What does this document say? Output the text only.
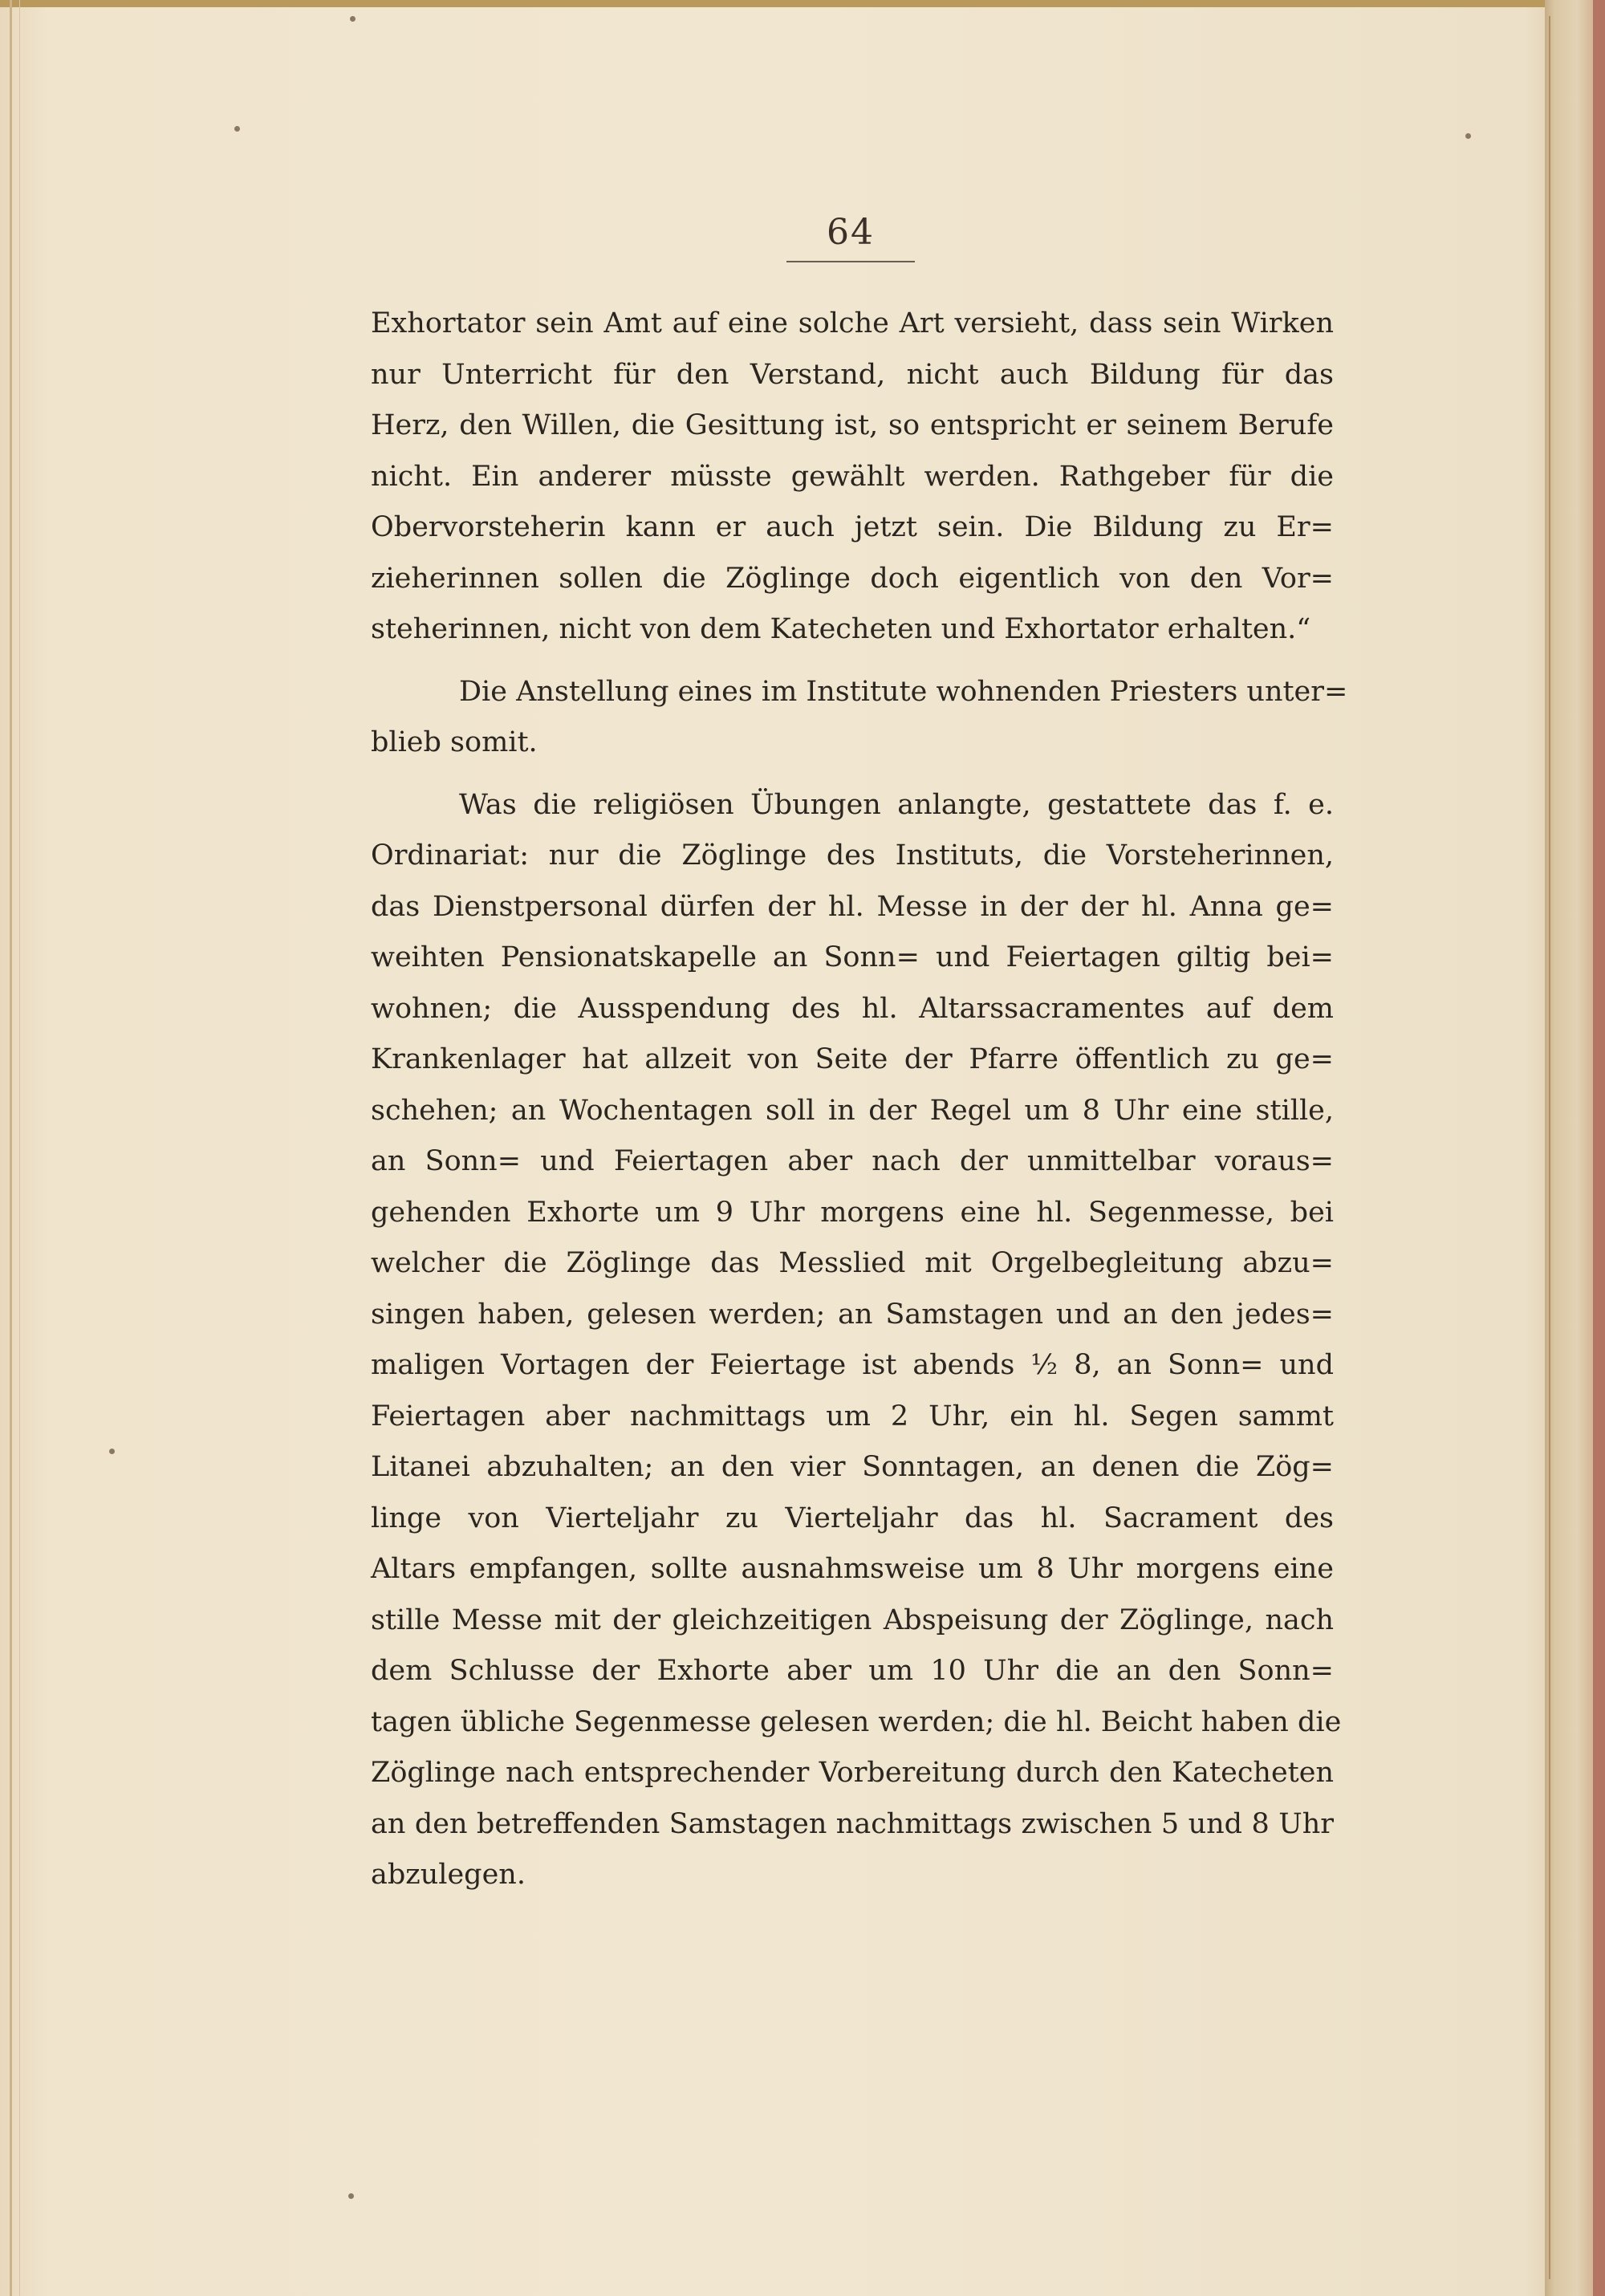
64
Exhortator sein Amt auf eine solche Art versieht, dass sein Wirken
nur Unterricht für den Verstand, nicht auch Bildung für das
Herz, den Willen, die Gesittung ist, so entspricht er seinem Berufe
nicht. Ein anderer müsste gewählt werden. Rathgeber für die
Obervorsteherin kann er auch jetzt sein. Die Bildung zu Er=
zieherinnen sollen die Zöglinge doch eigentlich von den Vor=
steherinnen, nicht von dem Katecheten und Exhortator erhalten.“
Die Anstellung eines im Institute wohnenden Priesters unter=
blieb somit.
Was die religiösen Übungen anlangte, gestattete das f. e.
Ordinariat: nur die Zöglinge des Instituts, die Vorsteherinnen,
das Dienstpersonal dürfen der hl. Messe in der der hl. Anna ge=
weihten Pensionatskapelle an Sonn= und Feiertagen giltig bei=
wohnen; die Ausspendung des hl. Altarssacramentes auf dem
Krankenlager hat allzeit von Seite der Pfarre öffentlich zu ge=
schehen; an Wochentagen soll in der Regel um 8 Uhr eine stille,
an Sonn= und Feiertagen aber nach der unmittelbar voraus=
gehenden Exhorte um 9 Uhr morgens eine hl. Segenmesse, bei
welcher die Zöglinge das Messlied mit Orgelbegleitung abzu=
singen haben, gelesen werden; an Samstagen und an den jedes=
maligen Vortagen der Feiertage ist abends ½ 8, an Sonn= und
Feiertagen aber nachmittags um 2 Uhr, ein hl. Segen sammt
Litanei abzuhalten; an den vier Sonntagen, an denen die Zög=
linge von Vierteljahr zu Vierteljahr das hl. Sacrament des
Altars empfangen, sollte ausnahmsweise um 8 Uhr morgens eine
stille Messe mit der gleichzeitigen Abspeisung der Zöglinge, nach
dem Schlusse der Exhorte aber um 10 Uhr die an den Sonn=
tagen übliche Segenmesse gelesen werden; die hl. Beicht haben die
Zöglinge nach entsprechender Vorbereitung durch den Katecheten
an den betreffenden Samstagen nachmittags zwischen 5 und 8 Uhr
abzulegen.
